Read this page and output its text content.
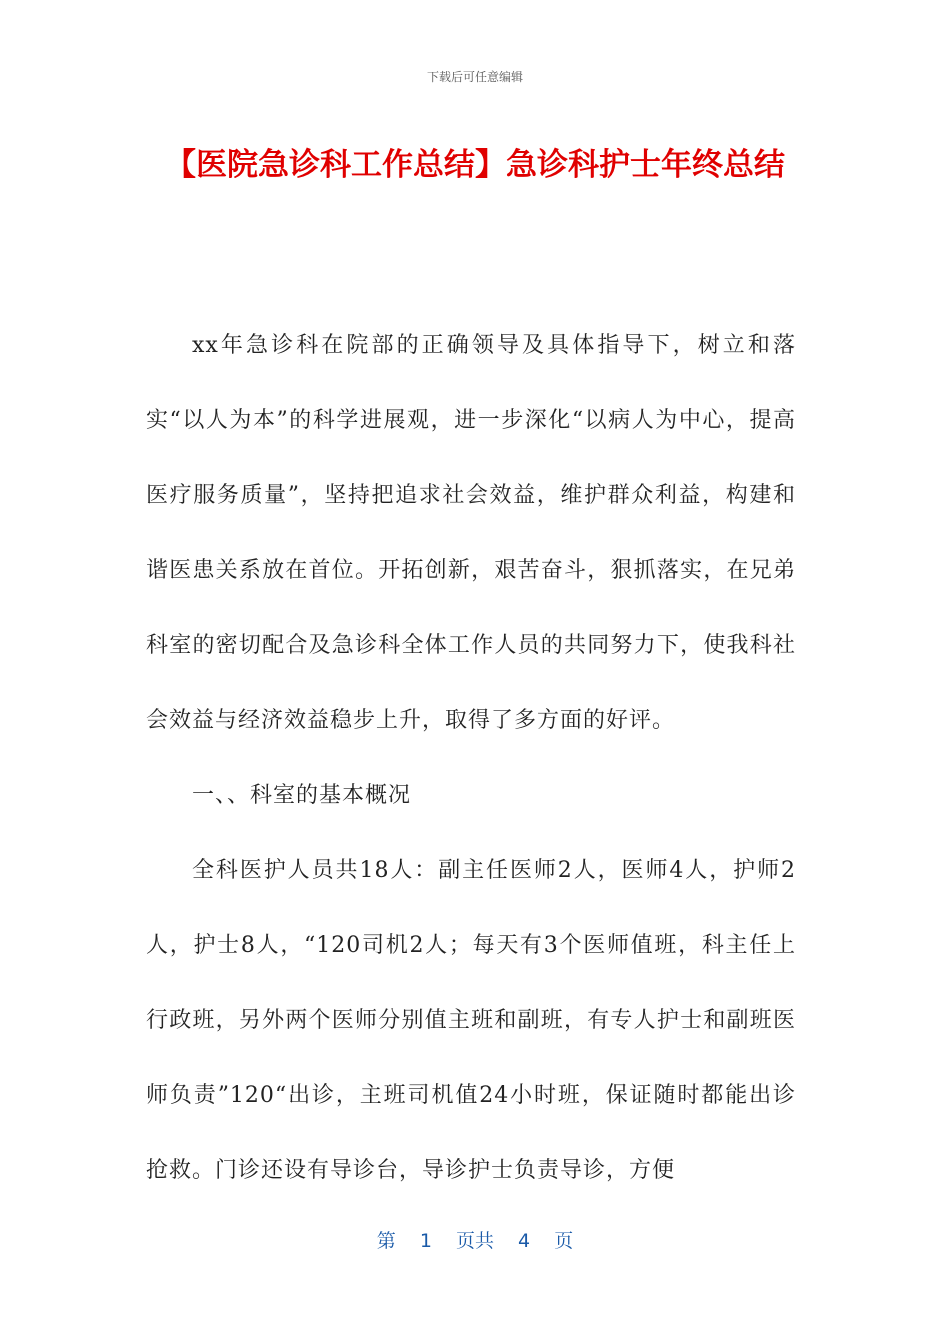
下载后可任意编辑
【医院急诊科工作总结】急诊科护士年终总结

xx年急诊科在院部的正确领导及具体指导下，树立和落实“以人为本”的科学进展观，进一步深化“以病人为中心，提高医疗服务质量”，坚持把追求社会效益，维护群众利益，构建和谐医患关系放在首位。开拓创新，艰苦奋斗，狠抓落实，在兄弟科室的密切配合及急诊科全体工作人员的共同努力下，使我科社会效益与经济效益稳步上升，取得了多方面的好评。

一、、科室的基本概况

全科医护人员共18人：副主任医师2人，医师4人，护师2人，护士8人，“120司机2人；每天有3个医师值班，科主任上行政班，另外两个医师分别值主班和副班，有专人护士和副班医师负责”120“出诊，主班司机值24小时班，保证随时都能出诊抢救。门诊还设有导诊台，导诊护士负责导诊，方便

第 1 页共 4 页
